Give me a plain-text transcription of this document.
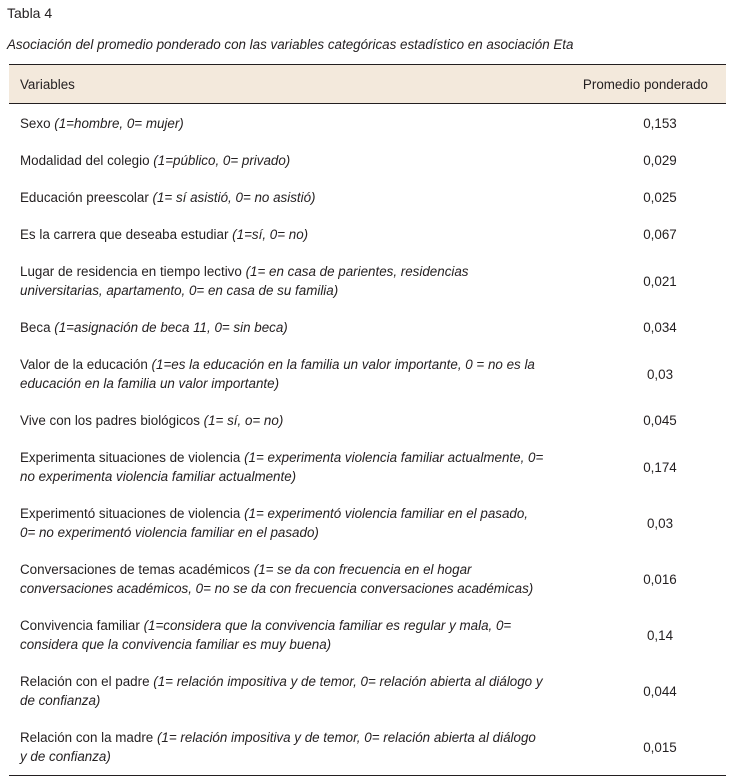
Tabla 4

Asociación del promedio ponderado con las variables categóricas estadístico en asociación Eta

Variables	Promedio ponderado
Sexo (1=hombre, 0= mujer)	0,153
Modalidad del colegio (1=público, 0= privado)	0,029
Educación preescolar (1= sí asistió, 0= no asistió)	0,025
Es la carrera que deseaba estudiar (1=sí, 0= no)	0,067
Lugar de residencia en tiempo lectivo (1= en casa de parientes, residencias universitarias, apartamento, 0= en casa de su familia)	0,021
Beca (1=asignación de beca 11, 0= sin beca)	0,034
Valor de la educación (1=es la educación en la familia un valor importante, 0 = no es la educación en la familia un valor importante)	0,03
Vive con los padres biológicos (1= sí, o= no)	0,045
Experimenta situaciones de violencia (1= experimenta violencia familiar actualmente, 0= no experimenta violencia familiar actualmente)	0,174
Experimentó situaciones de violencia (1= experimentó violencia familiar en el pasado, 0= no experimentó violencia familiar en el pasado)	0,03
Conversaciones de temas académicos (1= se da con frecuencia en el hogar conversaciones académicos, 0= no se da con frecuencia conversaciones académicas)	0,016
Convivencia familiar (1=considera que la convivencia familiar es regular y mala, 0= considera que la convivencia familiar es muy buena)	0,14
Relación con el padre (1= relación impositiva y de temor, 0= relación abierta al diálogo y de confianza)	0,044
Relación con la madre (1= relación impositiva y de temor, 0= relación abierta al diálogo y de confianza)	0,015
